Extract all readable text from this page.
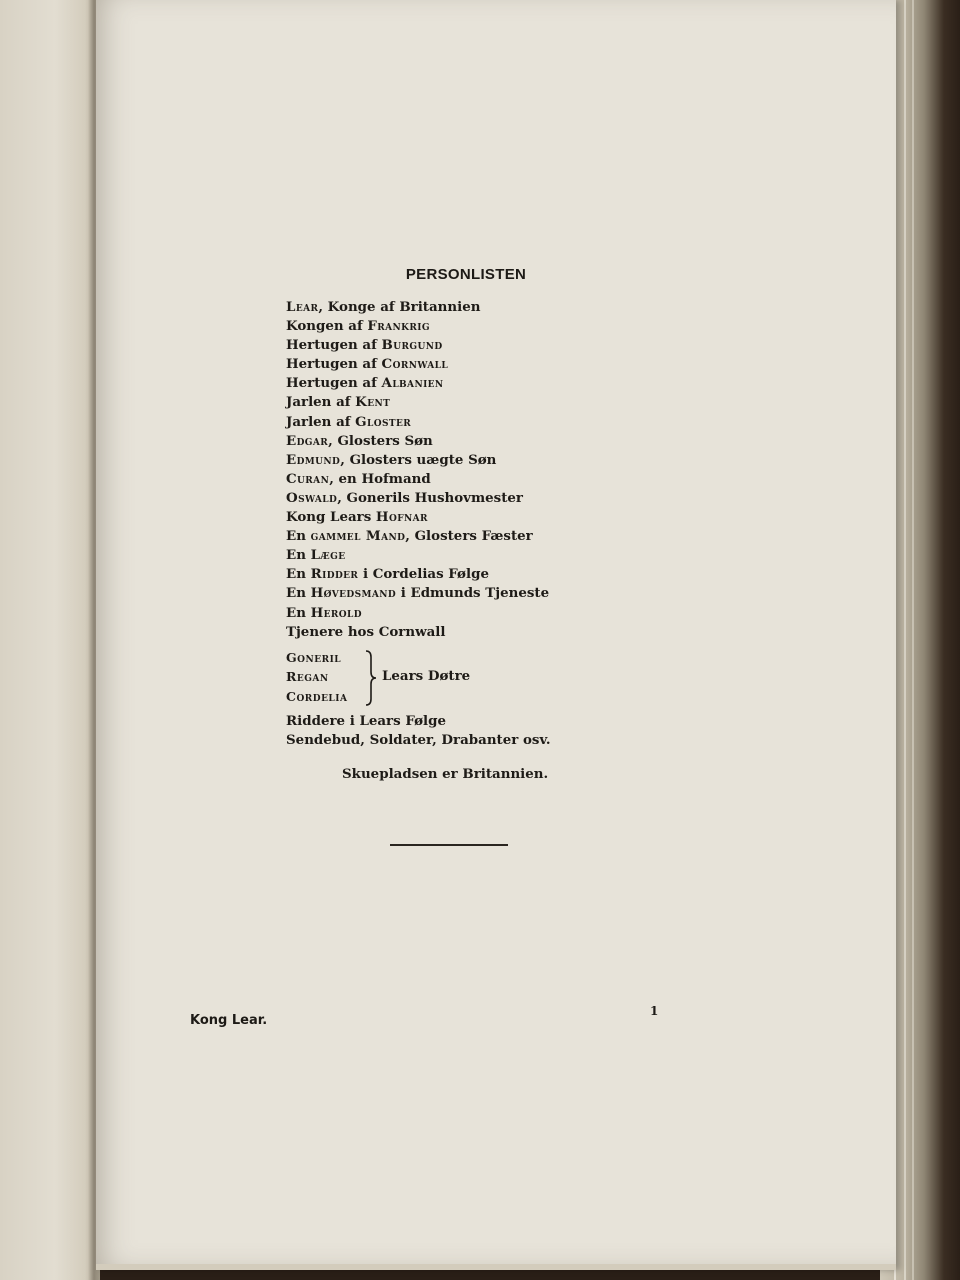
PERSONLISTEN
Lear, Konge af Britannien
Kongen af Frankrig
Hertugen af Burgund
Hertugen af Cornwall
Hertugen af Albanien
Jarlen af Kent
Jarlen af Gloster
Edgar, Glosters Søn
Edmund, Glosters uægte Søn
Curan, en Hofmand
Oswald, Gonerils Hushovmester
Kong Lears Hofnar
En gammel Mand, Glosters Fæster
En Læge
En Ridder i Cordelias Følge
En Høvedsmand i Edmunds Tjeneste
En Herold
Tjenere hos Cornwall
Goneril
Regan
Cordelia
Lears Døtre
Riddere i Lears Følge
Sendebud, Soldater, Drabanter osv.
Skuepladsen er Britannien.
Kong Lear.
1
